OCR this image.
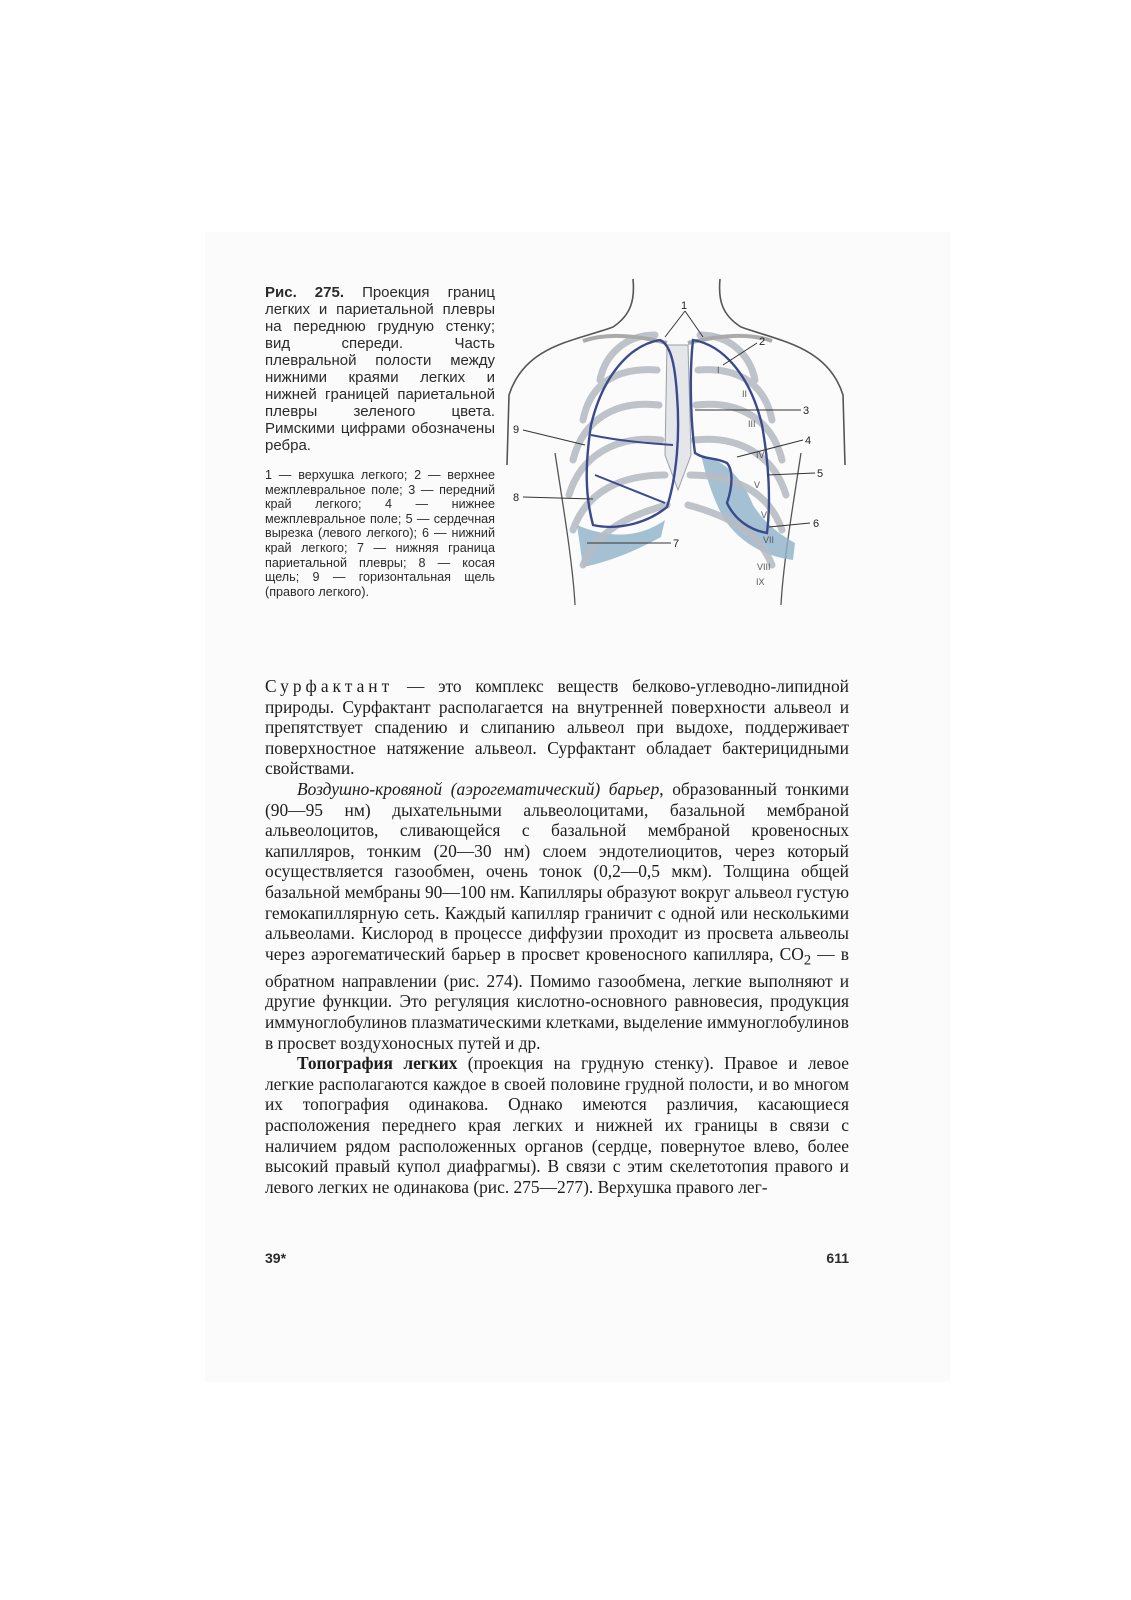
Рис. 275. Проекция границ легких и париетальной плевры на переднюю грудную стенку; вид спереди. Часть плевральной полости между нижними краями легких и нижней границей париетальной плевры зеленого цвета. Римскими цифрами обозначены ребра.

1 — верхушка легкого; 2 — верхнее межплевральное поле; 3 — передний край легкого; 4 — нижнее межплевральное поле; 5 — сердечная вырезка (левого легкого); 6 — нижний край легкого; 7 — нижняя граница париетальной плевры; 8 — косая щель; 9 — горизонтальная щель (правого легкого).

1
2
3
4
5
6
7
8
9
I
II
III
IV
V
VI
VII
VIII
IX

Сурфактант — это комплекс веществ белково-углеводно-липидной природы. Сурфактант располагается на внутренней поверхности альвеол и препятствует спадению и слипанию альвеол при выдохе, поддерживает поверхностное натяжение альвеол. Сурфактант обладает бактерицидными свойствами.

Воздушно-кровяной (аэрогематический) барьер, образованный тонкими (90—95 нм) дыхательными альвеолоцитами, базальной мембраной альвеолоцитов, сливающейся с базальной мембраной кровеносных капилляров, тонким (20—30 нм) слоем эндотелиоцитов, через который осуществляется газообмен, очень тонок (0,2—0,5 мкм). Толщина общей базальной мембраны 90—100 нм. Капилляры образуют вокруг альвеол густую гемокапиллярную сеть. Каждый капилляр граничит с одной или несколькими альвеолами. Кислород в процессе диффузии проходит из просвета альвеолы через аэрогематический барьер в просвет кровеносного капилляра, $CO_2$ — в обратном направлении (рис. 274). Помимо газообмена, легкие выполняют и другие функции. Это регуляция кислотно-основного равновесия, продукция иммуноглобулинов плазматическими клетками, выделение иммуноглобулинов в просвет воздухоносных путей и др.

Топография легких (проекция на грудную стенку). Правое и левое легкие располагаются каждое в своей половине грудной полости, и во многом их топография одинакова. Однако имеются различия, касающиеся расположения переднего края легких и нижней их границы в связи с наличием рядом расположенных органов (сердце, повернутое влево, более высокий правый купол диафрагмы). В связи с этим скелетотопия правого и левого легких не одинакова (рис. 275—277). Верхушка правого лег-

39*	611
